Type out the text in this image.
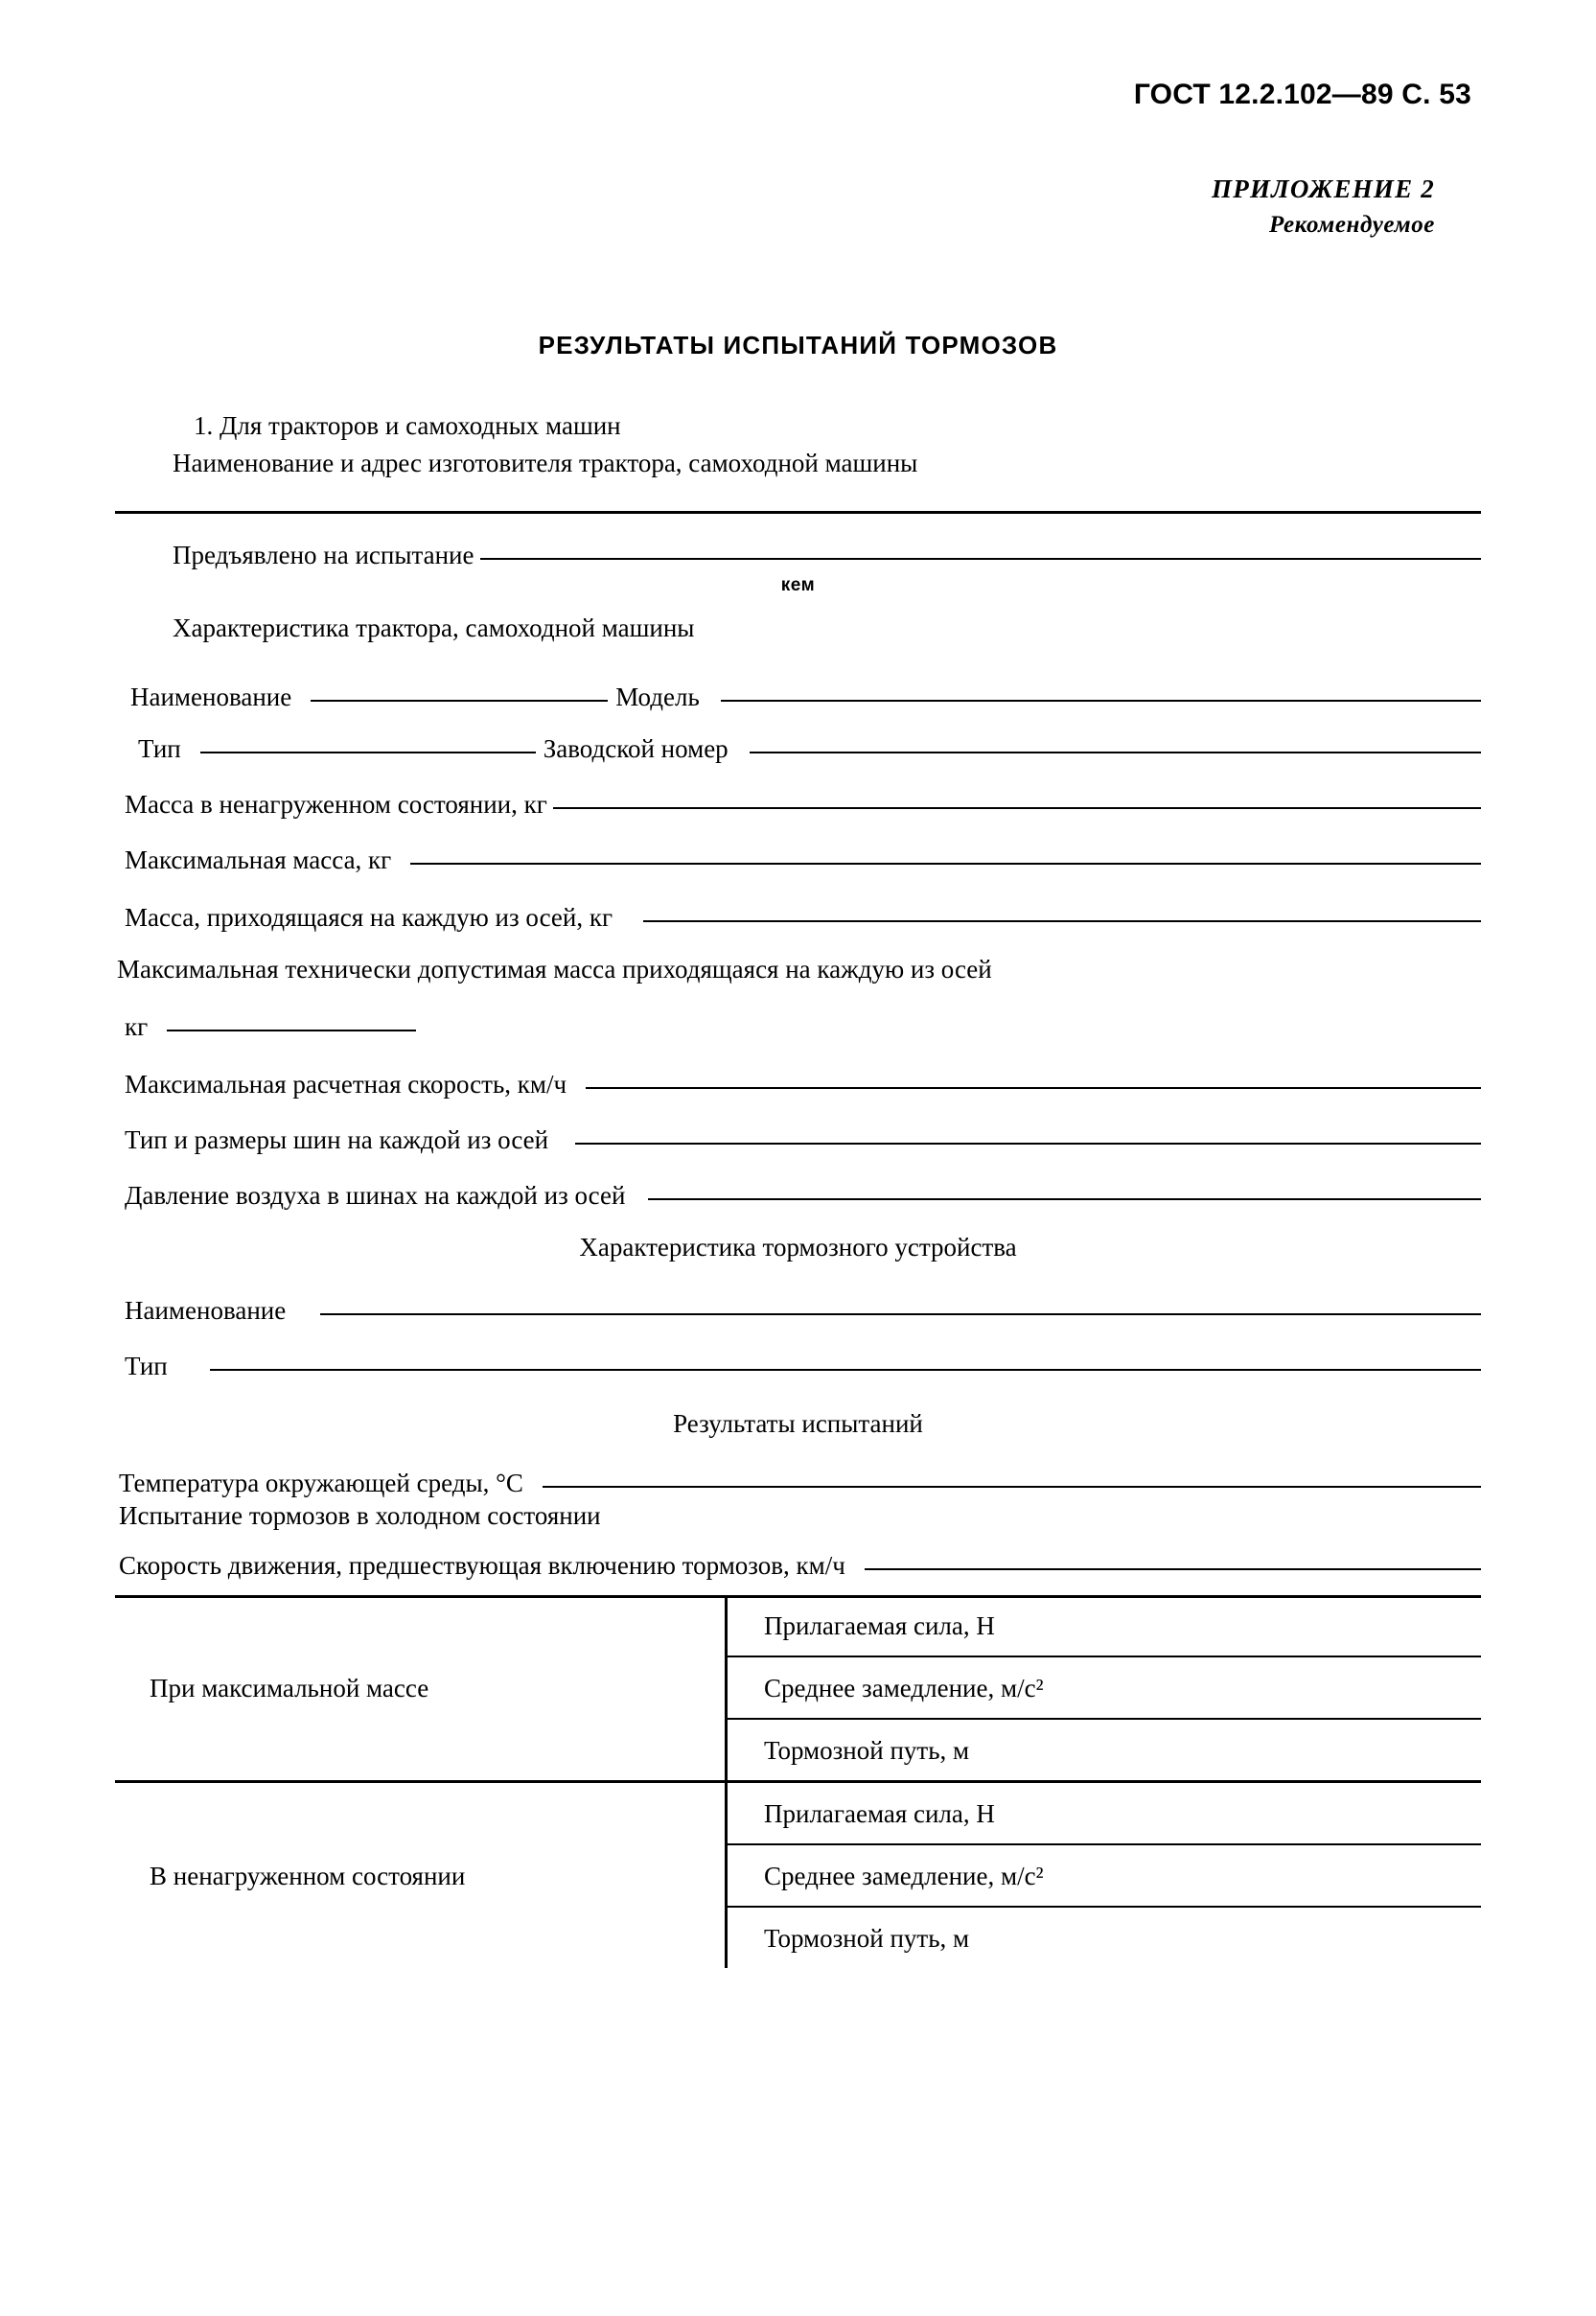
ГОСТ 12.2.102—89 С. 53
ПРИЛОЖЕНИЕ 2
Рекомендуемое
РЕЗУЛЬТАТЫ ИСПЫТАНИЙ ТОРМОЗОВ
1. Для тракторов и самоходных машин
Наименование и адрес изготовителя трактора, самоходной машины
Предъявлено на испытание
кем
Характеристика трактора, самоходной машины
Наименование	Модель
Тип	Заводской номер
Масса в ненагруженном состоянии, кг
Максимальная масса, кг
Масса, приходящаяся на каждую из осей, кг
Максимальная технически допустимая масса приходящаяся на каждую из осей
кг
Максимальная расчетная скорость, км/ч
Тип и размеры шин на каждой из осей
Давление воздуха в шинах на каждой из осей
Характеристика тормозного устройства
Наименование
Тип
Результаты испытаний
Температура окружающей среды, °С
Испытание тормозов в холодном состоянии
Скорость движения, предшествующая включению тормозов, км/ч
При максимальной массе	Прилагаемая сила, Н
	Среднее замедление, м/с²
	Тормозной путь, м
В ненагруженном состоянии	Прилагаемая сила, Н
	Среднее замедление, м/с²
	Тормозной путь, м
